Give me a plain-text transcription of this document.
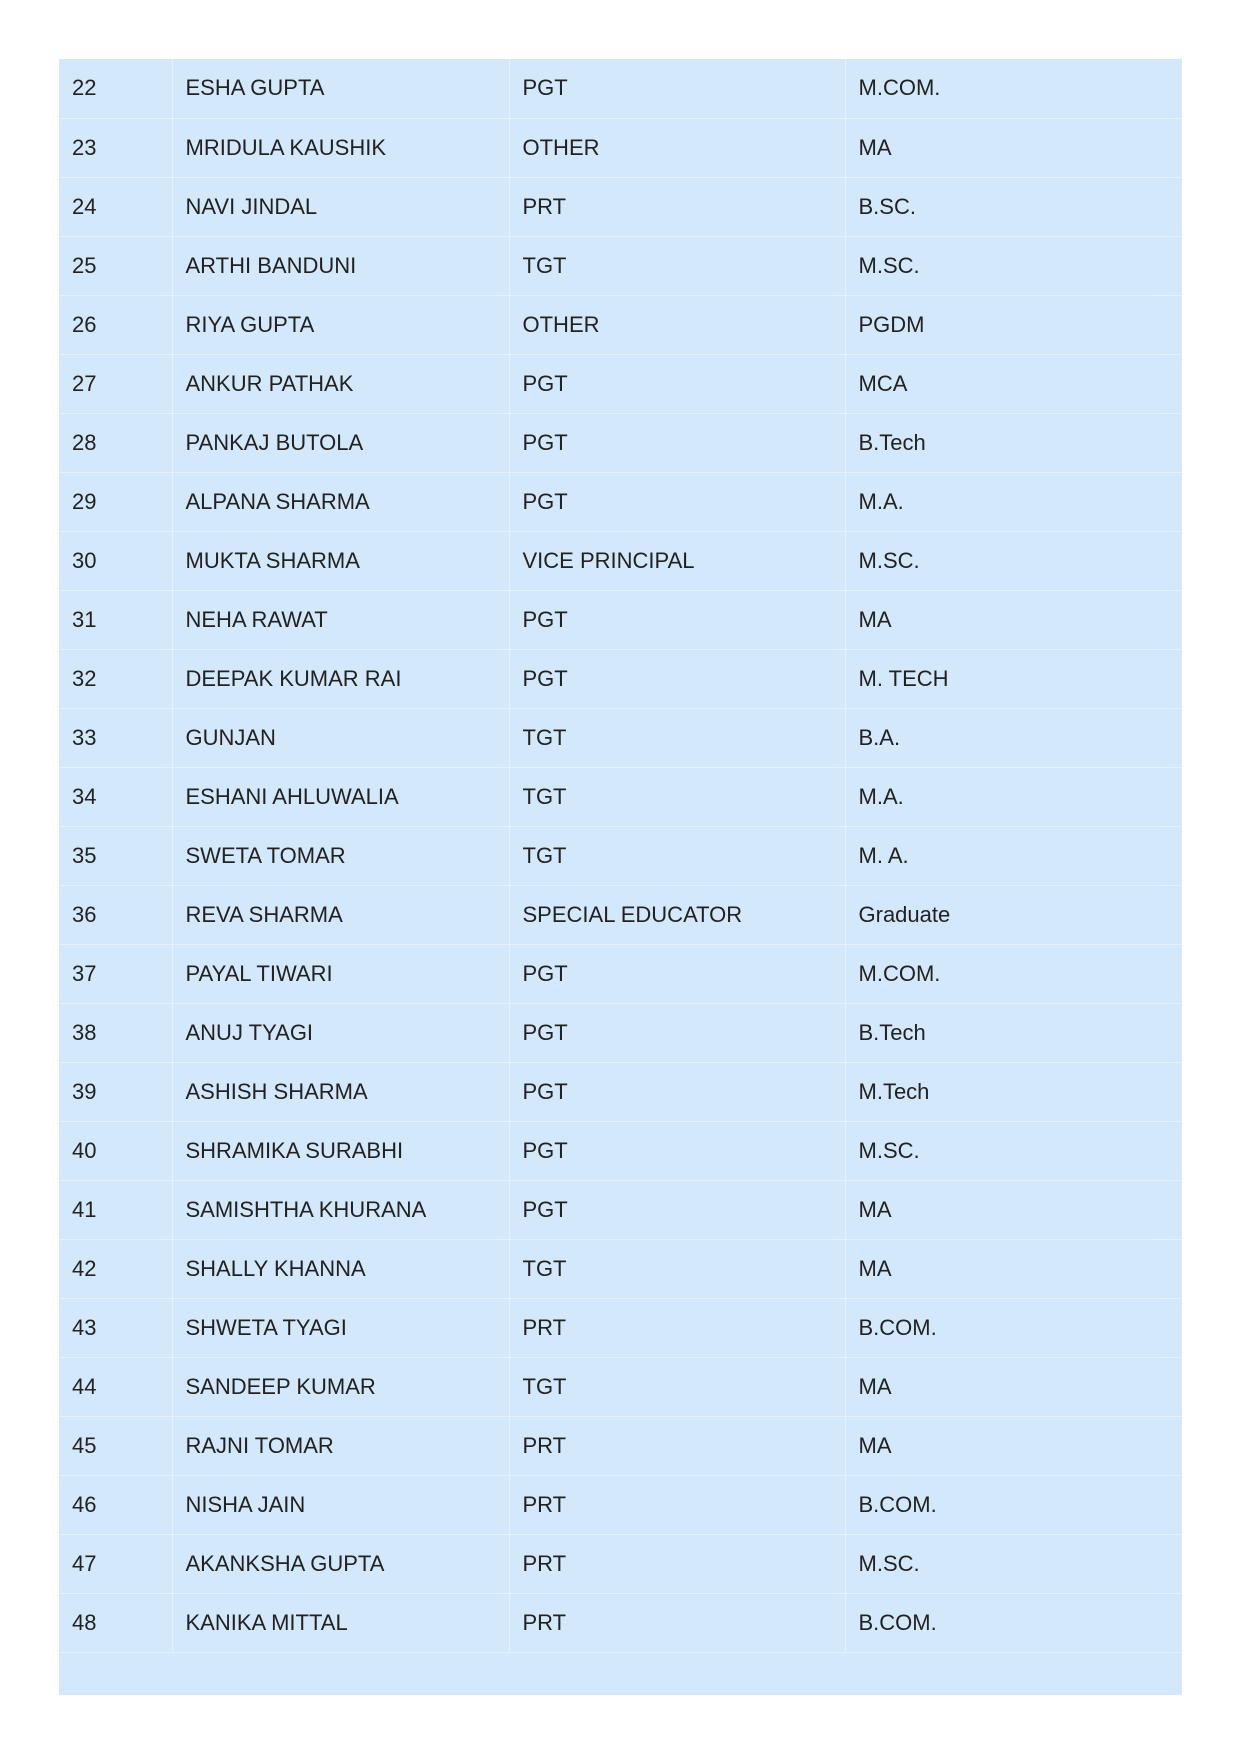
22	ESHA GUPTA	PGT	M.COM.
23	MRIDULA KAUSHIK	OTHER	MA
24	NAVI JINDAL	PRT	B.SC.
25	ARTHI BANDUNI	TGT	M.SC.
26	RIYA GUPTA	OTHER	PGDM
27	ANKUR PATHAK	PGT	MCA
28	PANKAJ BUTOLA	PGT	B.Tech
29	ALPANA SHARMA	PGT	M.A.
30	MUKTA SHARMA	VICE PRINCIPAL	M.SC.
31	NEHA RAWAT	PGT	MA
32	DEEPAK KUMAR RAI	PGT	M. TECH
33	GUNJAN	TGT	B.A.
34	ESHANI AHLUWALIA	TGT	M.A.
35	SWETA TOMAR	TGT	M. A.
36	REVA SHARMA	SPECIAL EDUCATOR	Graduate
37	PAYAL TIWARI	PGT	M.COM.
38	ANUJ TYAGI	PGT	B.Tech
39	ASHISH SHARMA	PGT	M.Tech
40	SHRAMIKA SURABHI	PGT	M.SC.
41	SAMISHTHA KHURANA	PGT	MA
42	SHALLY KHANNA	TGT	MA
43	SHWETA TYAGI	PRT	B.COM.
44	SANDEEP KUMAR	TGT	MA
45	RAJNI TOMAR	PRT	MA
46	NISHA JAIN	PRT	B.COM.
47	AKANKSHA GUPTA	PRT	M.SC.
48	KANIKA MITTAL	PRT	B.COM.
